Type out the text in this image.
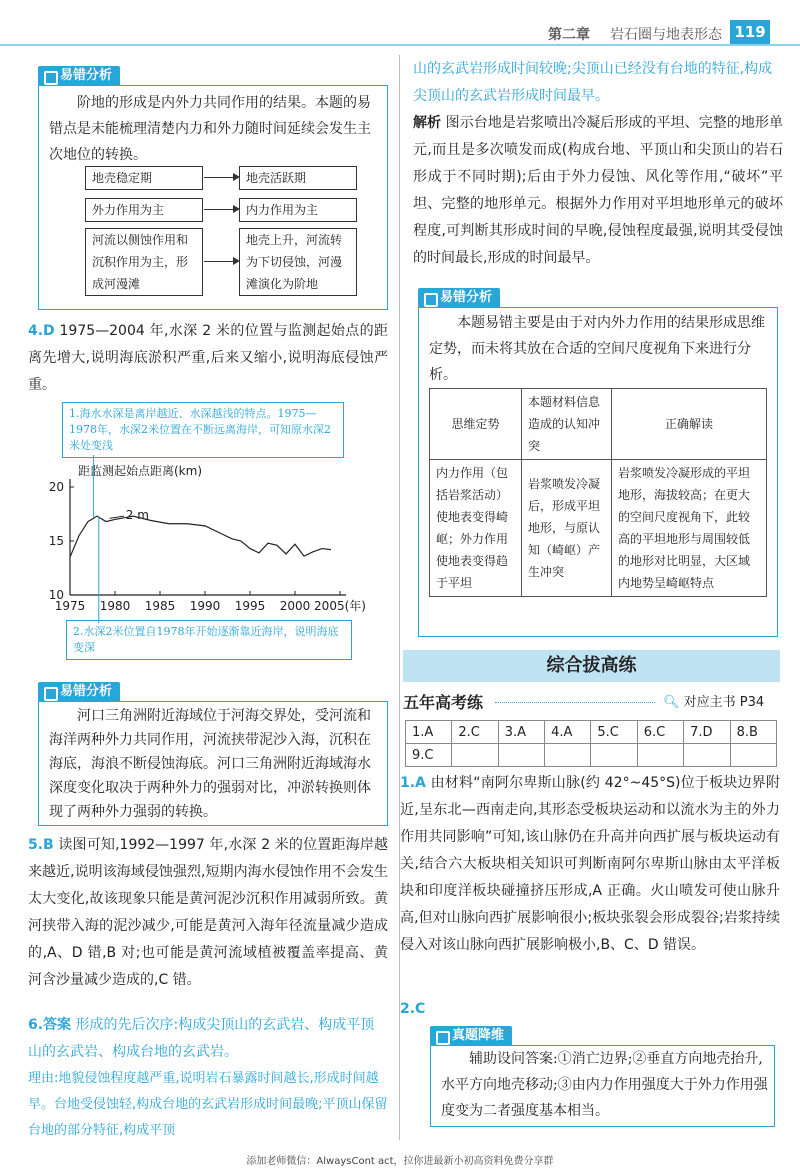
第二章 岩石圈与地表形态 119
易错分析
阶地的形成是内外力共同作用的结果。本题的易错点是未能梳理清楚内力和外力随时间延续会发生主次地位的转换。
地壳稳定期	地壳活跃期
外力作用为主	内力作用为主
河流以侧蚀作用和沉积作用为主，形成河漫滩
地壳上升，河流转为下切侵蚀，河漫滩演化为阶地
4.D 1975—2004 年,水深 2 米的位置与监测起始点的距离先增大,说明海底淤积严重,后来又缩小,说明海底侵蚀严重。
1.海水水深是离岸越近、水深越浅的特点。1975—1978年，水深2米位置在不断远离海岸，可知原水深2米处变浅
2.水深2米位置自1978年开始逐渐靠近海岸，说明海底变深
距监测起始点距离(km)
10
15
20
1975 1980 1985 1990 1995 2000 2005(年)
2 m
易错分析
河口三角洲附近海域位于河海交界处，受河流和海洋两种外力共同作用，河流挟带泥沙入海，沉积在海底，海浪不断侵蚀海底。河口三角洲附近海域海水深度变化取决于两种外力的强弱对比，冲淤转换则体现了两种外力强弱的转换。
5.B 读图可知,1992—1997 年,水深 2 米的位置距海岸越来越近,说明该海域侵蚀强烈,短期内海水侵蚀作用不会发生太大变化,故该现象只能是黄河泥沙沉积作用减弱所致。黄河挟带入海的泥沙减少,可能是黄河入海年径流量减少造成的,A、D 错,B 对;也可能是黄河流域植被覆盖率提高、黄河含沙量减少造成的,C 错。
6.答案 形成的先后次序:构成尖顶山的玄武岩、构成平顶山的玄武岩、构成台地的玄武岩。
理由:地貌侵蚀程度越严重,说明岩石暴露时间越长,形成时间越早。台地受侵蚀轻,构成台地的玄武岩形成时间最晚;平顶山保留台地的部分特征,构成平顶
山的玄武岩形成时间较晚;尖顶山已经没有台地的特征,构成尖顶山的玄武岩形成时间最早。
解析 图示台地是岩浆喷出冷凝后形成的平坦、完整的地形单元,而且是多次喷发而成(构成台地、平顶山和尖顶山的岩石形成于不同时期);后由于外力侵蚀、风化等作用,“破坏”平坦、完整的地形单元。根据外力作用对平坦地形单元的破坏程度,可判断其形成时间的早晚,侵蚀程度最强,说明其受侵蚀的时间最长,形成的时间最早。
易错分析
本题易错主要是由于对内外力作用的结果形成思维定势，而未将其放在合适的空间尺度视角下来进行分析。
思维定势	本题材料信息造成的认知冲突	正确解读
内力作用（包括岩浆活动）使地表变得崎岖；外力作用使地表变得趋于平坦	岩浆喷发冷凝后，形成平坦地形，与原认知（崎岖）产生冲突	岩浆喷发冷凝形成的平坦地形，海拔较高；在更大的空间尺度视角下，此较高的平坦地形与周围较低的地形对比明显，大区域内地势呈崎岖特点
综合拔高练
五年高考练	🔍︎ 对应主书 P34
1.A	2.C	3.A	4.A	5.C	6.C	7.D	8.B
9.C							
1.A 由材料“南阿尔卑斯山脉(约 42°~45°S)位于板块边界附近,呈东北—西南走向,其形态受板块运动和以流水为主的外力作用共同影响”可知,该山脉仍在升高并向西扩展与板块运动有关,结合六大板块相关知识可判断南阿尔卑斯山脉由太平洋板块和印度洋板块碰撞挤压形成,A 正确。火山喷发可使山脉升高,但对山脉向西扩展影响很小;板块张裂会形成裂谷;岩浆持续侵入对该山脉向西扩展影响极小,B、C、D 错误。
2.C
真题降维
辅助设问答案:①消亡边界;②垂直方向地壳抬升,水平方向地壳移动;③由内力作用强度大于外力作用强度变为二者强度基本相当。
添加老师微信：AlwaysCont act，拉你进最新小初高资料免费分享群
